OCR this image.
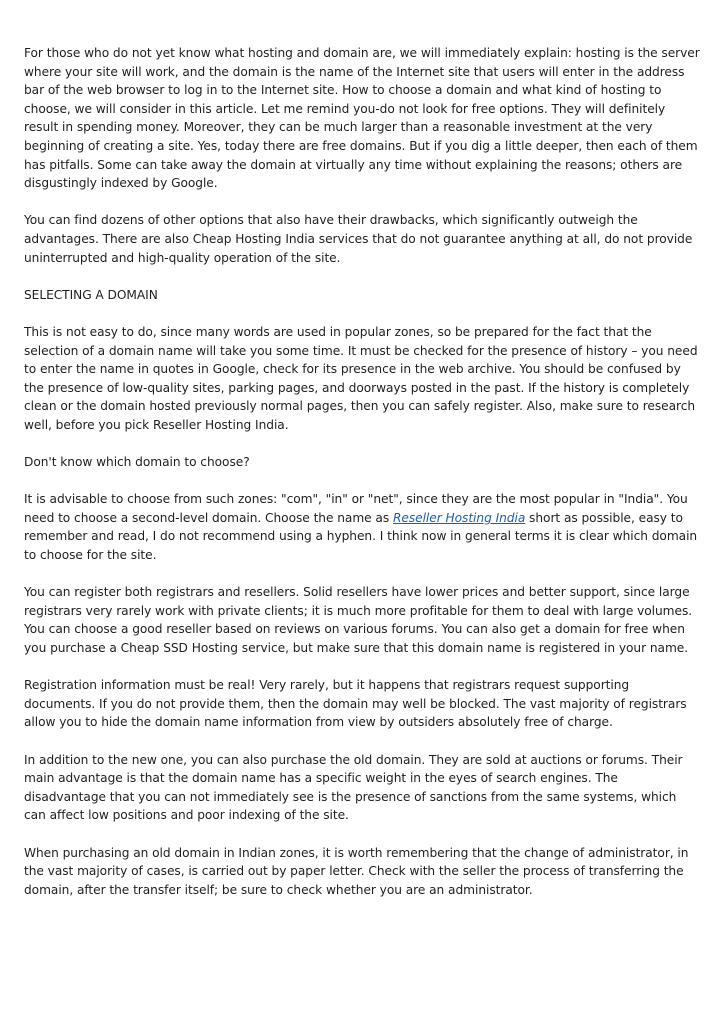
For those who do not yet know what hosting and domain are, we will immediately explain: hosting is the server where your site will work, and the domain is the name of the Internet site that users will enter in the address bar of the web browser to log in to the Internet site. How to choose a domain and what kind of hosting to choose, we will consider in this article. Let me remind you-do not look for free options. They will definitely result in spending money. Moreover, they can be much larger than a reasonable investment at the very beginning of creating a site. Yes, today there are free domains. But if you dig a little deeper, then each of them has pitfalls. Some can take away the domain at virtually any time without explaining the reasons; others are disgustingly indexed by Google.

You can find dozens of other options that also have their drawbacks, which significantly outweigh the advantages. There are also Cheap Hosting India services that do not guarantee anything at all, do not provide uninterrupted and high-quality operation of the site.

SELECTING A DOMAIN

This is not easy to do, since many words are used in popular zones, so be prepared for the fact that the selection of a domain name will take you some time. It must be checked for the presence of history – you need to enter the name in quotes in Google, check for its presence in the web archive. You should be confused by the presence of low-quality sites, parking pages, and doorways posted in the past. If the history is completely clean or the domain hosted previously normal pages, then you can safely register. Also, make sure to research well, before you pick Reseller Hosting India.

Don't know which domain to choose?

It is advisable to choose from such zones: "com", "in" or "net", since they are the most popular in "India". You need to choose a second-level domain. Choose the name as Reseller Hosting India short as possible, easy to remember and read, I do not recommend using a hyphen. I think now in general terms it is clear which domain to choose for the site.

You can register both registrars and resellers. Solid resellers have lower prices and better support, since large registrars very rarely work with private clients; it is much more profitable for them to deal with large volumes. You can choose a good reseller based on reviews on various forums. You can also get a domain for free when you purchase a Cheap SSD Hosting service, but make sure that this domain name is registered in your name.

Registration information must be real! Very rarely, but it happens that registrars request supporting documents. If you do not provide them, then the domain may well be blocked. The vast majority of registrars allow you to hide the domain name information from view by outsiders absolutely free of charge.

In addition to the new one, you can also purchase the old domain. They are sold at auctions or forums. Their main advantage is that the domain name has a specific weight in the eyes of search engines. The disadvantage that you can not immediately see is the presence of sanctions from the same systems, which can affect low positions and poor indexing of the site.

When purchasing an old domain in Indian zones, it is worth remembering that the change of administrator, in the vast majority of cases, is carried out by paper letter. Check with the seller the process of transferring the domain, after the transfer itself; be sure to check whether you are an administrator.
